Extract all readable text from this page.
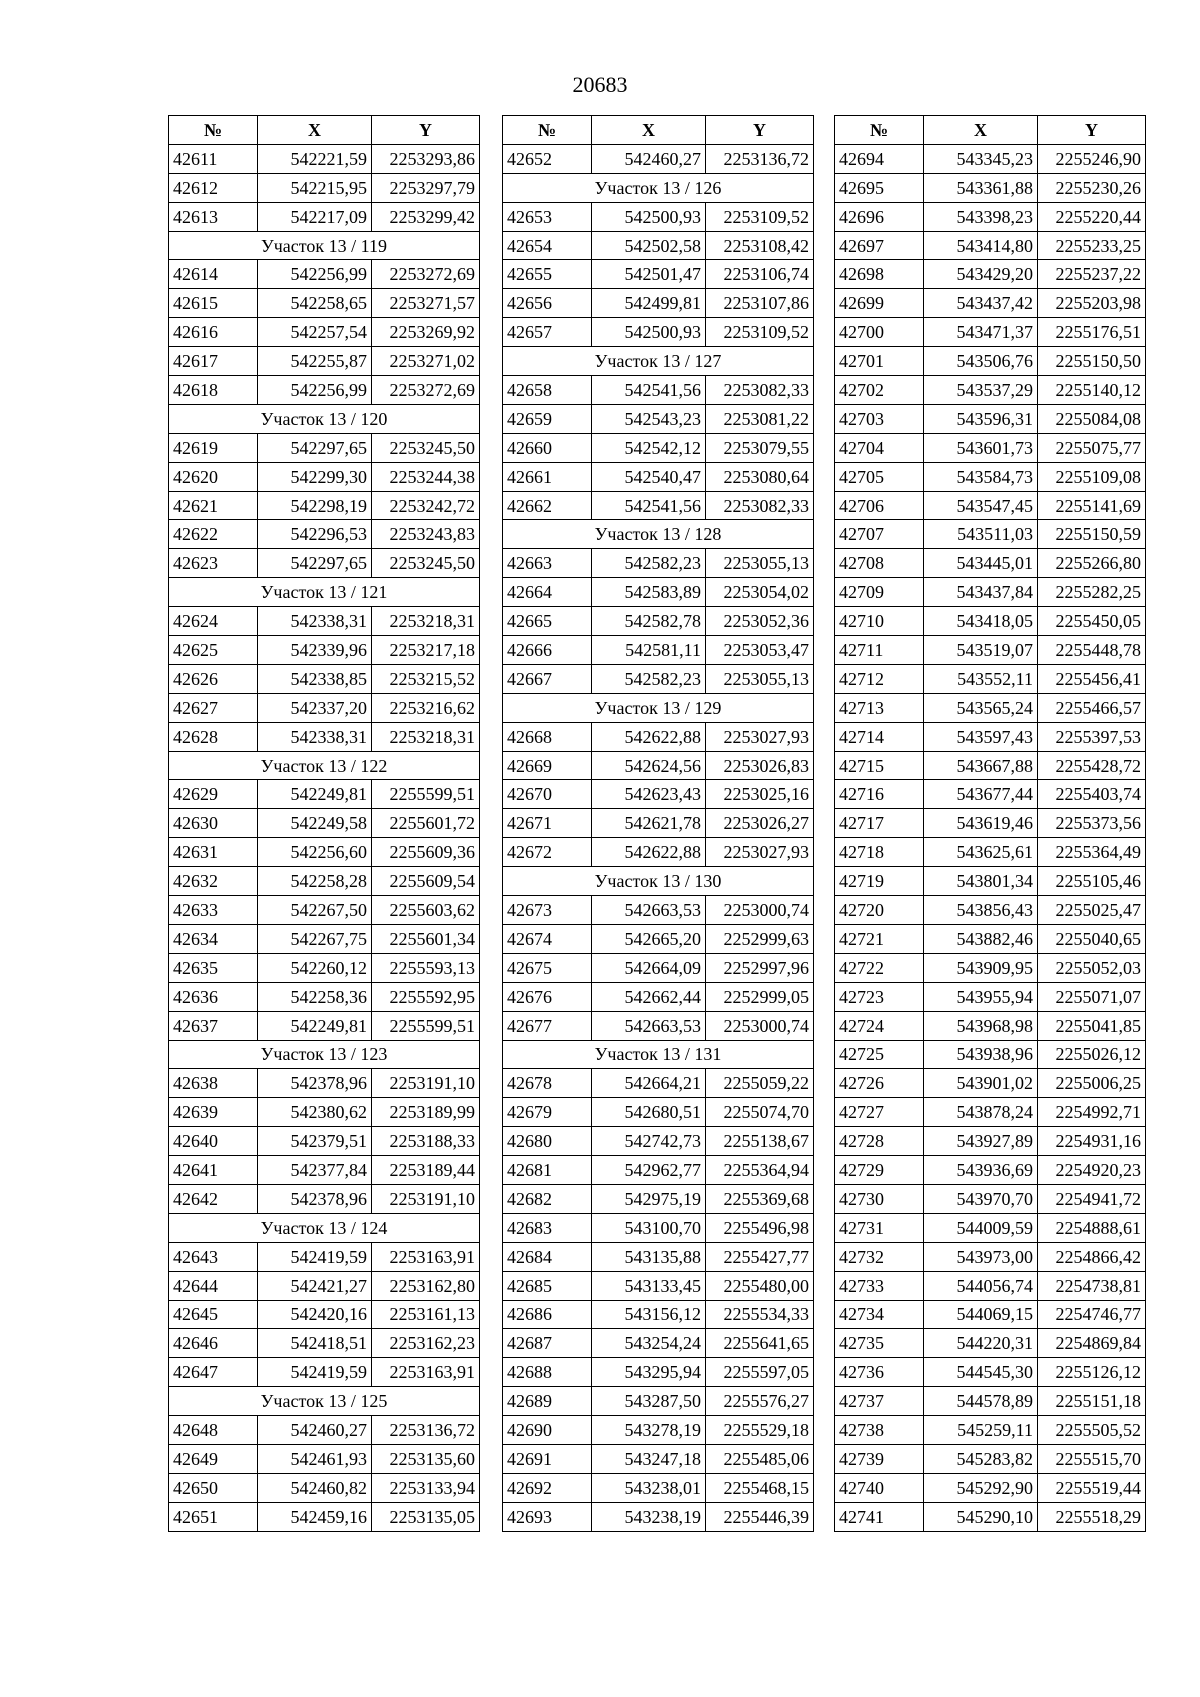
20683
№	X	Y
42611	542221,59	2253293,86
42612	542215,95	2253297,79
42613	542217,09	2253299,42
Участок 13 / 119		
42614	542256,99	2253272,69
42615	542258,65	2253271,57
42616	542257,54	2253269,92
42617	542255,87	2253271,02
42618	542256,99	2253272,69
Участок 13 / 120		
42619	542297,65	2253245,50
42620	542299,30	2253244,38
42621	542298,19	2253242,72
42622	542296,53	2253243,83
42623	542297,65	2253245,50
Участок 13 / 121		
42624	542338,31	2253218,31
42625	542339,96	2253217,18
42626	542338,85	2253215,52
42627	542337,20	2253216,62
42628	542338,31	2253218,31
Участок 13 / 122		
42629	542249,81	2255599,51
42630	542249,58	2255601,72
42631	542256,60	2255609,36
42632	542258,28	2255609,54
42633	542267,50	2255603,62
42634	542267,75	2255601,34
42635	542260,12	2255593,13
42636	542258,36	2255592,95
42637	542249,81	2255599,51
Участок 13 / 123		
42638	542378,96	2253191,10
42639	542380,62	2253189,99
42640	542379,51	2253188,33
42641	542377,84	2253189,44
42642	542378,96	2253191,10
Участок 13 / 124		
42643	542419,59	2253163,91
42644	542421,27	2253162,80
42645	542420,16	2253161,13
42646	542418,51	2253162,23
42647	542419,59	2253163,91
Участок 13 / 125		
42648	542460,27	2253136,72
42649	542461,93	2253135,60
42650	542460,82	2253133,94
42651	542459,16	2253135,05
№	X	Y
42652	542460,27	2253136,72
Участок 13 / 126		
42653	542500,93	2253109,52
42654	542502,58	2253108,42
42655	542501,47	2253106,74
42656	542499,81	2253107,86
42657	542500,93	2253109,52
Участок 13 / 127		
42658	542541,56	2253082,33
42659	542543,23	2253081,22
42660	542542,12	2253079,55
42661	542540,47	2253080,64
42662	542541,56	2253082,33
Участок 13 / 128		
42663	542582,23	2253055,13
42664	542583,89	2253054,02
42665	542582,78	2253052,36
42666	542581,11	2253053,47
42667	542582,23	2253055,13
Участок 13 / 129		
42668	542622,88	2253027,93
42669	542624,56	2253026,83
42670	542623,43	2253025,16
42671	542621,78	2253026,27
42672	542622,88	2253027,93
Участок 13 / 130		
42673	542663,53	2253000,74
42674	542665,20	2252999,63
42675	542664,09	2252997,96
42676	542662,44	2252999,05
42677	542663,53	2253000,74
Участок 13 / 131		
42678	542664,21	2255059,22
42679	542680,51	2255074,70
42680	542742,73	2255138,67
42681	542962,77	2255364,94
42682	542975,19	2255369,68
42683	543100,70	2255496,98
42684	543135,88	2255427,77
42685	543133,45	2255480,00
42686	543156,12	2255534,33
42687	543254,24	2255641,65
42688	543295,94	2255597,05
42689	543287,50	2255576,27
42690	543278,19	2255529,18
42691	543247,18	2255485,06
42692	543238,01	2255468,15
42693	543238,19	2255446,39
№	X	Y
42694	543345,23	2255246,90
42695	543361,88	2255230,26
42696	543398,23	2255220,44
42697	543414,80	2255233,25
42698	543429,20	2255237,22
42699	543437,42	2255203,98
42700	543471,37	2255176,51
42701	543506,76	2255150,50
42702	543537,29	2255140,12
42703	543596,31	2255084,08
42704	543601,73	2255075,77
42705	543584,73	2255109,08
42706	543547,45	2255141,69
42707	543511,03	2255150,59
42708	543445,01	2255266,80
42709	543437,84	2255282,25
42710	543418,05	2255450,05
42711	543519,07	2255448,78
42712	543552,11	2255456,41
42713	543565,24	2255466,57
42714	543597,43	2255397,53
42715	543667,88	2255428,72
42716	543677,44	2255403,74
42717	543619,46	2255373,56
42718	543625,61	2255364,49
42719	543801,34	2255105,46
42720	543856,43	2255025,47
42721	543882,46	2255040,65
42722	543909,95	2255052,03
42723	543955,94	2255071,07
42724	543968,98	2255041,85
42725	543938,96	2255026,12
42726	543901,02	2255006,25
42727	543878,24	2254992,71
42728	543927,89	2254931,16
42729	543936,69	2254920,23
42730	543970,70	2254941,72
42731	544009,59	2254888,61
42732	543973,00	2254866,42
42733	544056,74	2254738,81
42734	544069,15	2254746,77
42735	544220,31	2254869,84
42736	544545,30	2255126,12
42737	544578,89	2255151,18
42738	545259,11	2255505,52
42739	545283,82	2255515,70
42740	545292,90	2255519,44
42741	545290,10	2255518,29
